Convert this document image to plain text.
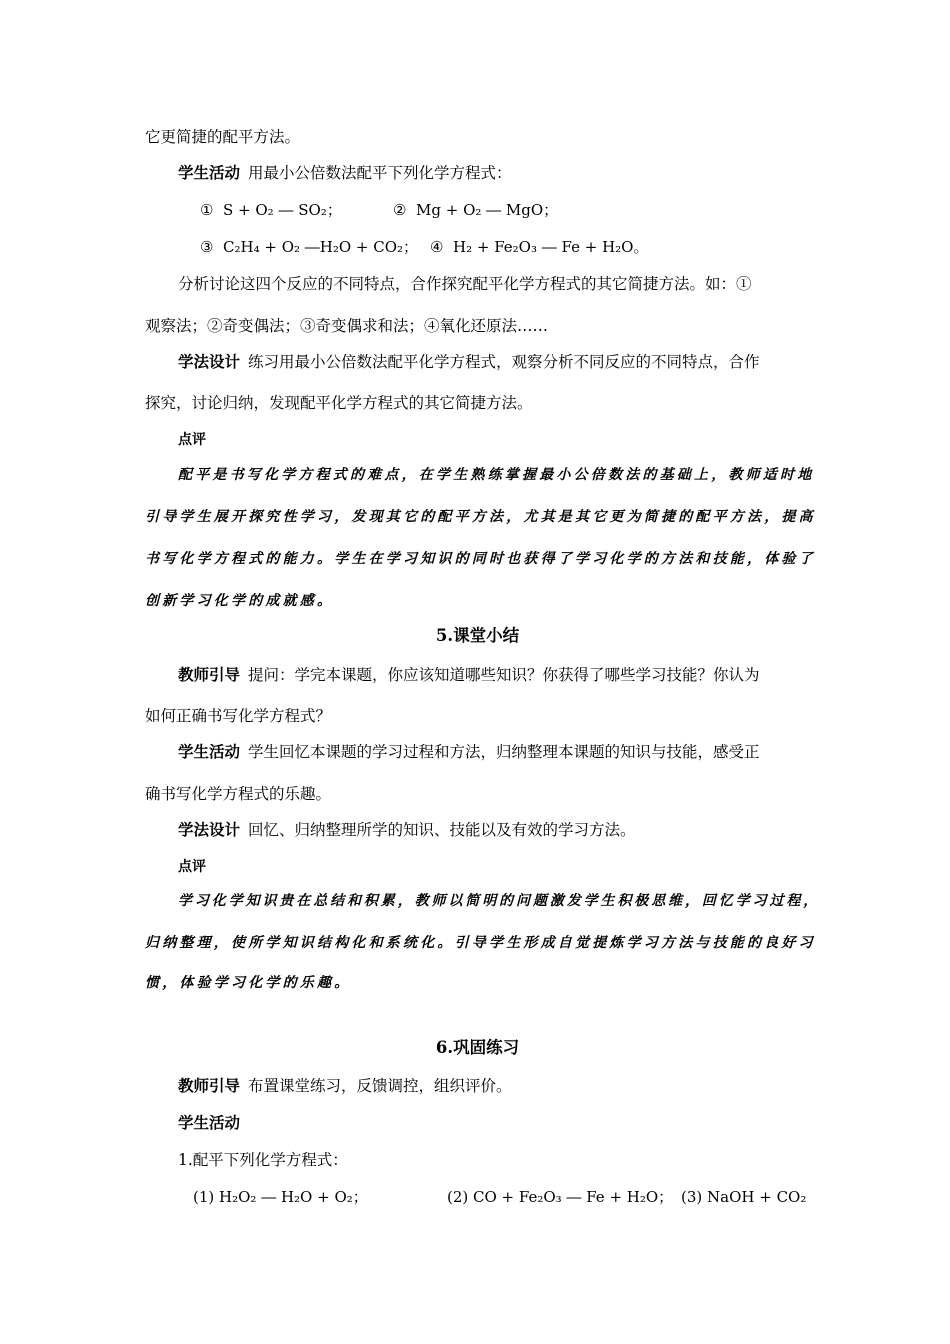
它更简捷的配平方法。
学生活动 用最小公倍数法配平下列化学方程式：
① S + O₂ ― SO₂；	② Mg + O₂ ― MgO；
③ C₂H₄ + O₂ ―H₂O + CO₂； ④ H₂ + Fe₂O₃ ― Fe + H₂O。
分析讨论这四个反应的不同特点，合作探究配平化学方程式的其它简捷方法。如：①
观察法；②奇变偶法；③奇变偶求和法；④氧化还原法……
学法设计 练习用最小公倍数法配平化学方程式，观察分析不同反应的不同特点，合作
探究，讨论归纳，发现配平化学方程式的其它简捷方法。
点评
配平是书写化学方程式的难点，在学生熟练掌握最小公倍数法的基础上，教师适时地
引导学生展开探究性学习，发现其它的配平方法，尤其是其它更为简捷的配平方法，提高
书写化学方程式的能力。学生在学习知识的同时也获得了学习化学的方法和技能，体验了
创新学习化学的成就感。
5.课堂小结
教师引导 提问：学完本课题，你应该知道哪些知识？你获得了哪些学习技能？你认为
如何正确书写化学方程式？
学生活动 学生回忆本课题的学习过程和方法，归纳整理本课题的知识与技能，感受正
确书写化学方程式的乐趣。
学法设计 回忆、归纳整理所学的知识、技能以及有效的学习方法。
点评
学习化学知识贵在总结和积累，教师以简明的问题激发学生积极思维，回忆学习过程，
归纳整理，使所学知识结构化和系统化。引导学生形成自觉提炼学习方法与技能的良好习
惯，体验学习化学的乐趣。
6.巩固练习
教师引导 布置课堂练习，反馈调控，组织评价。
学生活动
1.配平下列化学方程式：
(1) H₂O₂ ― H₂O + O₂；	(2) CO + Fe₂O₃ ― Fe + H₂O； (3) NaOH + CO₂
